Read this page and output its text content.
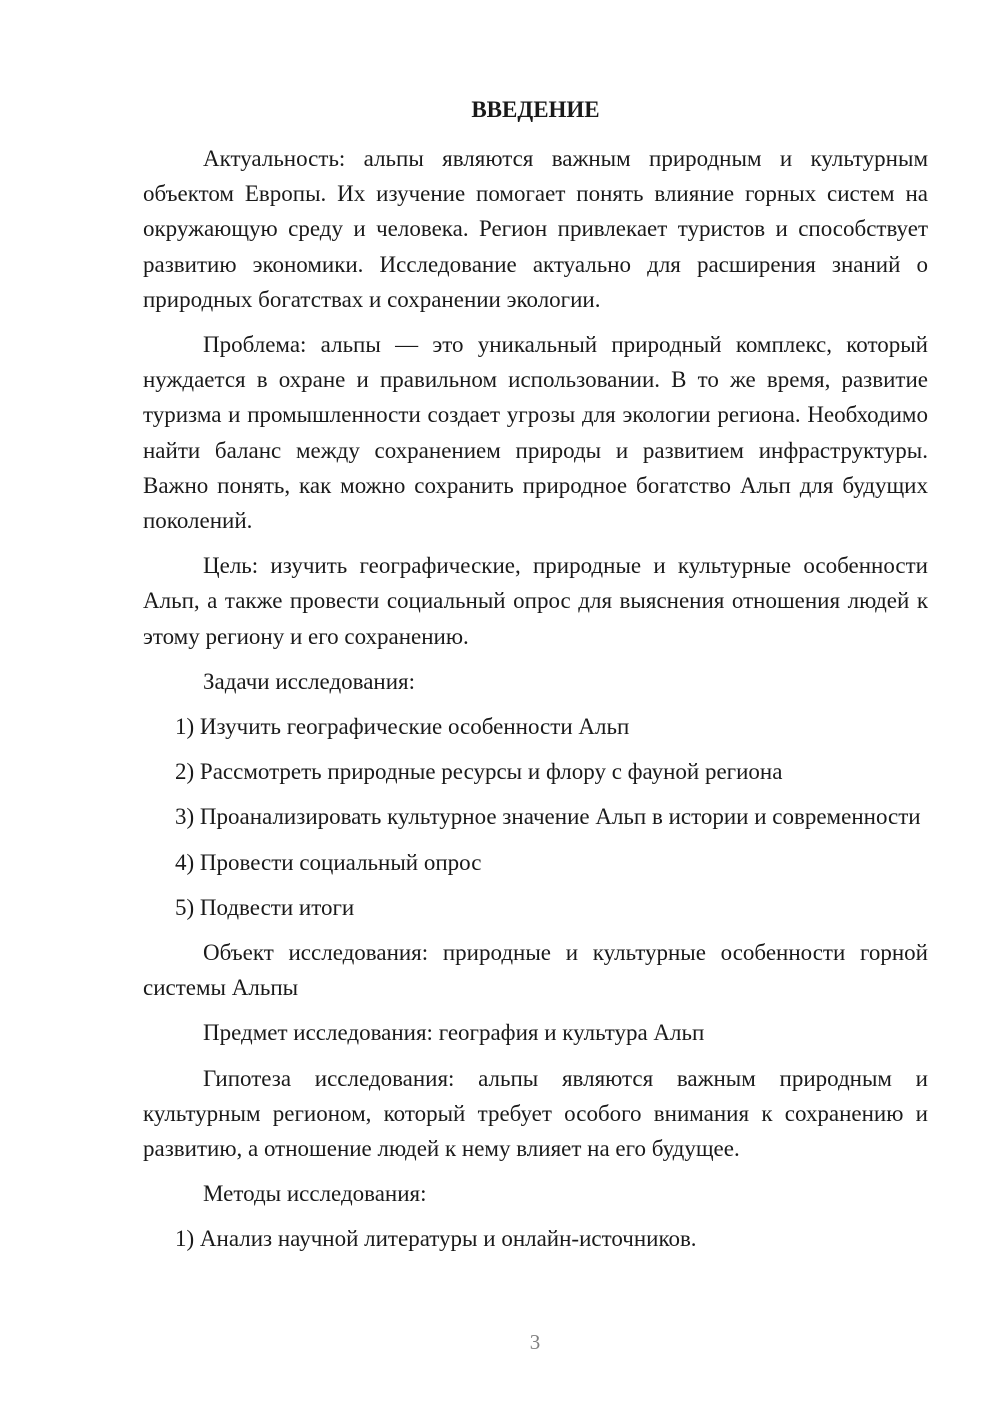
ВВЕДЕНИЕ

Актуальность: альпы являются важным природным и культурным объектом Европы. Их изучение помогает понять влияние горных систем на окружающую среду и человека. Регион привлекает туристов и способствует развитию экономики. Исследование актуально для расширения знаний о природных богатствах и сохранении экологии.

Проблема: альпы — это уникальный природный комплекс, который нуждается в охране и правильном использовании. В то же время, развитие туризма и промышленности создает угрозы для экологии региона. Необходимо найти баланс между сохранением природы и развитием инфраструктуры. Важно понять, как можно сохранить природное богатство Альп для будущих поколений.

Цель: изучить географические, природные и культурные особенности Альп, а также провести социальный опрос для выяснения отношения людей к этому региону и его сохранению.

Задачи исследования:

1) Изучить географические особенности Альп

2) Рассмотреть природные ресурсы и флору с фауной региона

3) Проанализировать культурное значение Альп в истории и современности

4) Провести социальный опрос

5) Подвести итоги

Объект исследования: природные и культурные особенности горной системы Альпы

Предмет исследования: география и культура Альп

Гипотеза исследования: альпы являются важным природным и культурным регионом, который требует особого внимания к сохранению и развитию, а отношение людей к нему влияет на его будущее.

Методы исследования:

1) Анализ научной литературы и онлайн-источников.

3
